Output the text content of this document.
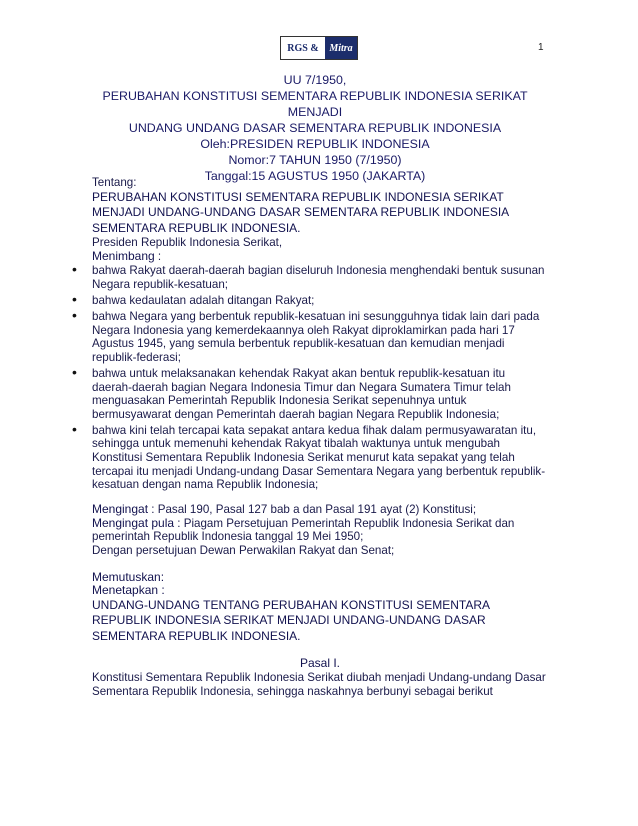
1
RGS &	Mitra
UU 7/1950,
PERUBAHAN KONSTITUSI SEMENTARA REPUBLIK INDONESIA SERIKAT MENJADI
UNDANG UNDANG DASAR SEMENTARA REPUBLIK INDONESIA
Oleh:PRESIDEN REPUBLIK INDONESIA
Nomor:7 TAHUN 1950 (7/1950)
Tanggal:15 AGUSTUS 1950 (JAKARTA)

Tentang:

PERUBAHAN KONSTITUSI SEMENTARA REPUBLIK INDONESIA SERIKAT MENJADI UNDANG-UNDANG DASAR SEMENTARA REPUBLIK INDONESIA SEMENTARA REPUBLIK INDONESIA.

Presiden Republik Indonesia Serikat,

Menimbang :

• bahwa Rakyat daerah-daerah bagian diseluruh Indonesia menghendaki bentuk susunan Negara republik-kesatuan;
• bahwa kedaulatan adalah ditangan Rakyat;
• bahwa Negara yang berbentuk republik-kesatuan ini sesungguhnya tidak lain dari pada Negara Indonesia yang kemerdekaannya oleh Rakyat diproklamirkan pada hari 17 Agustus 1945, yang semula berbentuk republik-kesatuan dan kemudian menjadi republik-federasi;
• bahwa untuk melaksanakan kehendak Rakyat akan bentuk republik-kesatuan itu daerah-daerah bagian Negara Indonesia Timur dan Negara Sumatera Timur telah menguasakan Pemerintah Republik Indonesia Serikat sepenuhnya untuk bermusyawarat dengan Pemerintah daerah bagian Negara Republik Indonesia;
• bahwa kini telah tercapai kata sepakat antara kedua fihak dalam permusyawaratan itu, sehingga untuk memenuhi kehendak Rakyat tibalah waktunya untuk mengubah Konstitusi Sementara Republik Indonesia Serikat menurut kata sepakat yang telah tercapai itu menjadi Undang-undang Dasar Sementara Negara yang berbentuk republik-kesatuan dengan nama Republik Indonesia;

Mengingat : Pasal 190, Pasal 127 bab a dan Pasal 191 ayat (2) Konstitusi;

Mengingat pula : Piagam Persetujuan Pemerintah Republik Indonesia Serikat dan pemerintah Republik Indonesia tanggal 19 Mei 1950;

Dengan persetujuan Dewan Perwakilan Rakyat dan Senat;

Memutuskan:

Menetapkan :

UNDANG-UNDANG TENTANG PERUBAHAN KONSTITUSI SEMENTARA REPUBLIK INDONESIA SERIKAT MENJADI UNDANG-UNDANG DASAR SEMENTARA REPUBLIK INDONESIA.

Pasal I.

Konstitusi Sementara Republik Indonesia Serikat diubah menjadi Undang-undang Dasar Sementara Republik Indonesia, sehingga naskahnya berbunyi sebagai berikut
